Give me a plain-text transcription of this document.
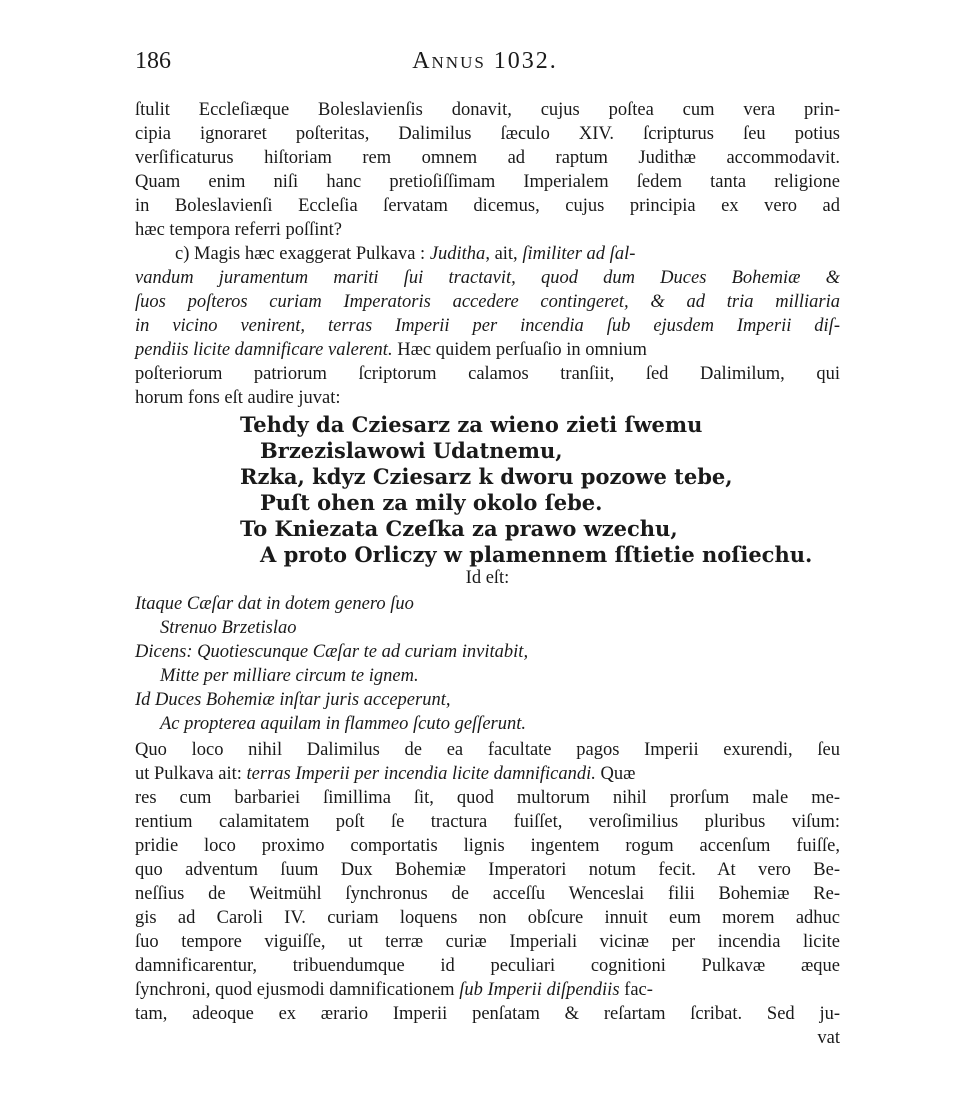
186	Annus 1032.
ſtulit Eccleſiæque Boleslavienſis donavit, cujus poſtea cum vera prin-
cipia ignoraret poſteritas, Dalimilus ſæculo XIV. ſcripturus ſeu potius
verſificaturus hiſtoriam rem omnem ad raptum Judithæ accommodavit.
Quam enim niſi hanc pretioſiſſimam Imperialem ſedem tanta religione
in Boleslavienſi Eccleſia ſervatam dicemus, cujus principia ex vero ad
hæc tempora referri poſſint?
c) Magis hæc exaggerat Pulkava : Juditha, ait, ſimiliter ad ſal-
vandum juramentum mariti ſui tractavit, quod dum Duces Bohemiæ &
ſuos poſteros curiam Imperatoris accedere contingeret, & ad tria milliaria
in vicino venirent, terras Imperii per incendia ſub ejusdem Imperii diſ-
pendiis licite damnificare valerent. Hæc quidem perſuaſio in omnium
poſteriorum patriorum ſcriptorum calamos tranſiit, ſed Dalimilum, qui
horum fons eſt audire juvat:
Tehdy da Cziesarz za wieno zieti ſwemu
Brzezislawowi Udatnemu,
Rzka, kdyz Cziesarz k dworu pozowe tebe,
Puſt ohen za mily okolo ſebe.
To Kniezata Czeſka za prawo wzechu,
A proto Orliczy w plamennem ſſtietie noſiechu.
Id eſt:
Itaque Cæſar dat in dotem genero ſuo
Strenuo Brzetislao
Dicens: Quotiescunque Cæſar te ad curiam invitabit,
Mitte per milliare circum te ignem.
Id Duces Bohemiæ inſtar juris acceperunt,
Ac propterea aquilam in flammeo ſcuto geſſerunt.
Quo loco nihil Dalimilus de ea facultate pagos Imperii exurendi, ſeu
ut Pulkava ait: terras Imperii per incendia licite damnificandi. Quæ
res cum barbariei ſimillima ſit, quod multorum nihil prorſum male me-
rentium calamitatem poſt ſe tractura fuiſſet, veroſimilius pluribus viſum:
pridie loco proximo comportatis lignis ingentem rogum accenſum fuiſſe,
quo adventum ſuum Dux Bohemiæ Imperatori notum fecit. At vero Be-
neſſius de Weitmühl ſynchronus de acceſſu Wenceslai filii Bohemiæ Re-
gis ad Caroli IV. curiam loquens non obſcure innuit eum morem adhuc
ſuo tempore viguiſſe, ut terræ curiæ Imperiali vicinæ per incendia licite
damnificarentur, tribuendumque id peculiari cognitioni Pulkavæ æque
ſynchroni, quod ejusmodi damnificationem ſub Imperii diſpendiis fac-
tam, adeoque ex ærario Imperii penſatam & reſartam ſcribat. Sed ju-
vat
